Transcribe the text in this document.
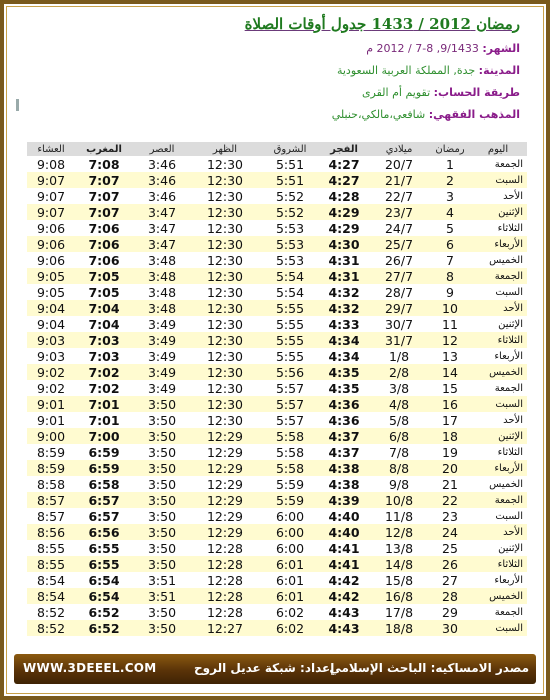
رمضان 2012 / 1433 جدول أوقات الصلاة
الشهر: 9/1433, 8-7 / 2012 م
المدينة: جدة, المملكة العربية السعودية
طريقة الحساب: تقويم أم القرى
المذهب الفقهي: شافعي،مالكي،حنبلي
اليوم	رمضان	ميلادي	الفجر	الشروق	الظهر	العصر	المغرب	العشاء
الجمعة	1	20/7	4:27	5:51	12:30	3:46	7:08	9:08
السبت	2	21/7	4:27	5:51	12:30	3:46	7:07	9:07
الأحد	3	22/7	4:28	5:52	12:30	3:46	7:07	9:07
الإثنين	4	23/7	4:29	5:52	12:30	3:47	7:07	9:07
الثلاثاء	5	24/7	4:29	5:53	12:30	3:47	7:06	9:06
الأربعاء	6	25/7	4:30	5:53	12:30	3:47	7:06	9:06
الخميس	7	26/7	4:31	5:53	12:30	3:48	7:06	9:06
الجمعة	8	27/7	4:31	5:54	12:30	3:48	7:05	9:05
السبت	9	28/7	4:32	5:54	12:30	3:48	7:05	9:05
الأحد	10	29/7	4:32	5:55	12:30	3:48	7:04	9:04
الإثنين	11	30/7	4:33	5:55	12:30	3:49	7:04	9:04
الثلاثاء	12	31/7	4:34	5:55	12:30	3:49	7:03	9:03
الأربعاء	13	1/8	4:34	5:55	12:30	3:49	7:03	9:03
الخميس	14	2/8	4:35	5:56	12:30	3:49	7:02	9:02
الجمعة	15	3/8	4:35	5:57	12:30	3:49	7:02	9:02
السبت	16	4/8	4:36	5:57	12:30	3:50	7:01	9:01
الأحد	17	5/8	4:36	5:57	12:30	3:50	7:01	9:01
الإثنين	18	6/8	4:37	5:58	12:29	3:50	7:00	9:00
الثلاثاء	19	7/8	4:37	5:58	12:29	3:50	6:59	8:59
الأربعاء	20	8/8	4:38	5:58	12:29	3:50	6:59	8:59
الخميس	21	9/8	4:38	5:59	12:29	3:50	6:58	8:58
الجمعة	22	10/8	4:39	5:59	12:29	3:50	6:57	8:57
السبت	23	11/8	4:40	6:00	12:29	3:50	6:57	8:57
الأحد	24	12/8	4:40	6:00	12:29	3:50	6:56	8:56
الإثنين	25	13/8	4:41	6:00	12:28	3:50	6:55	8:55
الثلاثاء	26	14/8	4:41	6:01	12:28	3:50	6:55	8:55
الأربعاء	27	15/8	4:42	6:01	12:28	3:51	6:54	8:54
الخميس	28	16/8	4:42	6:01	12:28	3:51	6:54	8:54
الجمعة	29	17/8	4:43	6:02	12:28	3:50	6:52	8:52
السبت	30	18/8	4:43	6:02	12:27	3:50	6:52	8:52
WWW.3DEEEL.COM	إعداد: شبكة عديل الروح
مصدر الامساكيه: الباحث الإسلامي
